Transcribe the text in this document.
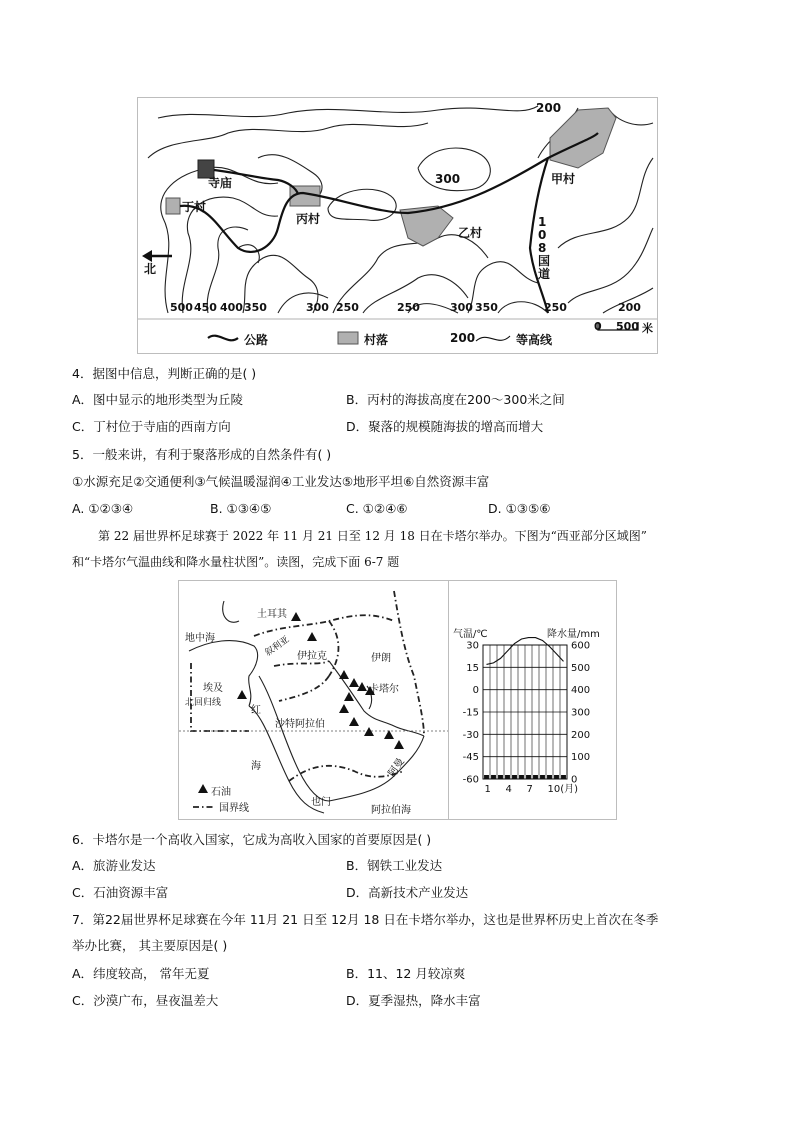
200
300
500 450 400 350	300 250	250	300 350	250	200
甲村
乙村
丙村
丁村
寺庙
108国道
北
公路	村落	200	等高线
0 500 米
4．据图中信息，判断正确的是( )
A．图中显示的地形类型为丘陵	B．丙村的海拔高度在200～300米之间
C．丁村位于寺庙的西南方向	D．聚落的规模随海拔的增高而增大
5．一般来讲，有利于聚落形成的自然条件有( )
①水源充足②交通便利③气候温暖湿润④工业发达⑤地形平坦⑥自然资源丰富
A. ①②③④	B. ①③④⑤	C. ①②④⑥	D. ①③⑤⑥
第 22 届世界杯足球赛于 2022 年 11 月 21 日至 12 月 18 日在卡塔尔举办。下图为“西亚部分区域图”
和“卡塔尔气温曲线和降水量柱状图”。读图，完成下面 6-7 题
土耳其
地中海	叙利亚 伊拉克	伊朗
埃及
北回归线
红
沙特阿拉伯
卡塔尔
海	阿曼
也门
阿拉伯海
石油
国界线
30
15
0
-15
-30
-45
-60
600
500
400
300
200
100
0
1 4 7 10(月)
气温/℃	降水量/mm
6．卡塔尔是一个高收入国家，它成为高收入国家的首要原因是( )
A．旅游业发达	B．钢铁工业发达
C．石油资源丰富	D．高新技术产业发达
7．第22届世界杯足球赛在今年 11月 21 日至 12月 18 日在卡塔尔举办，这也是世界杯历史上首次在冬季
举办比赛， 其主要原因是( )
A．纬度较高， 常年无夏	B．11、12 月较凉爽
C．沙漠广布，昼夜温差大	D．夏季湿热，降水丰富
